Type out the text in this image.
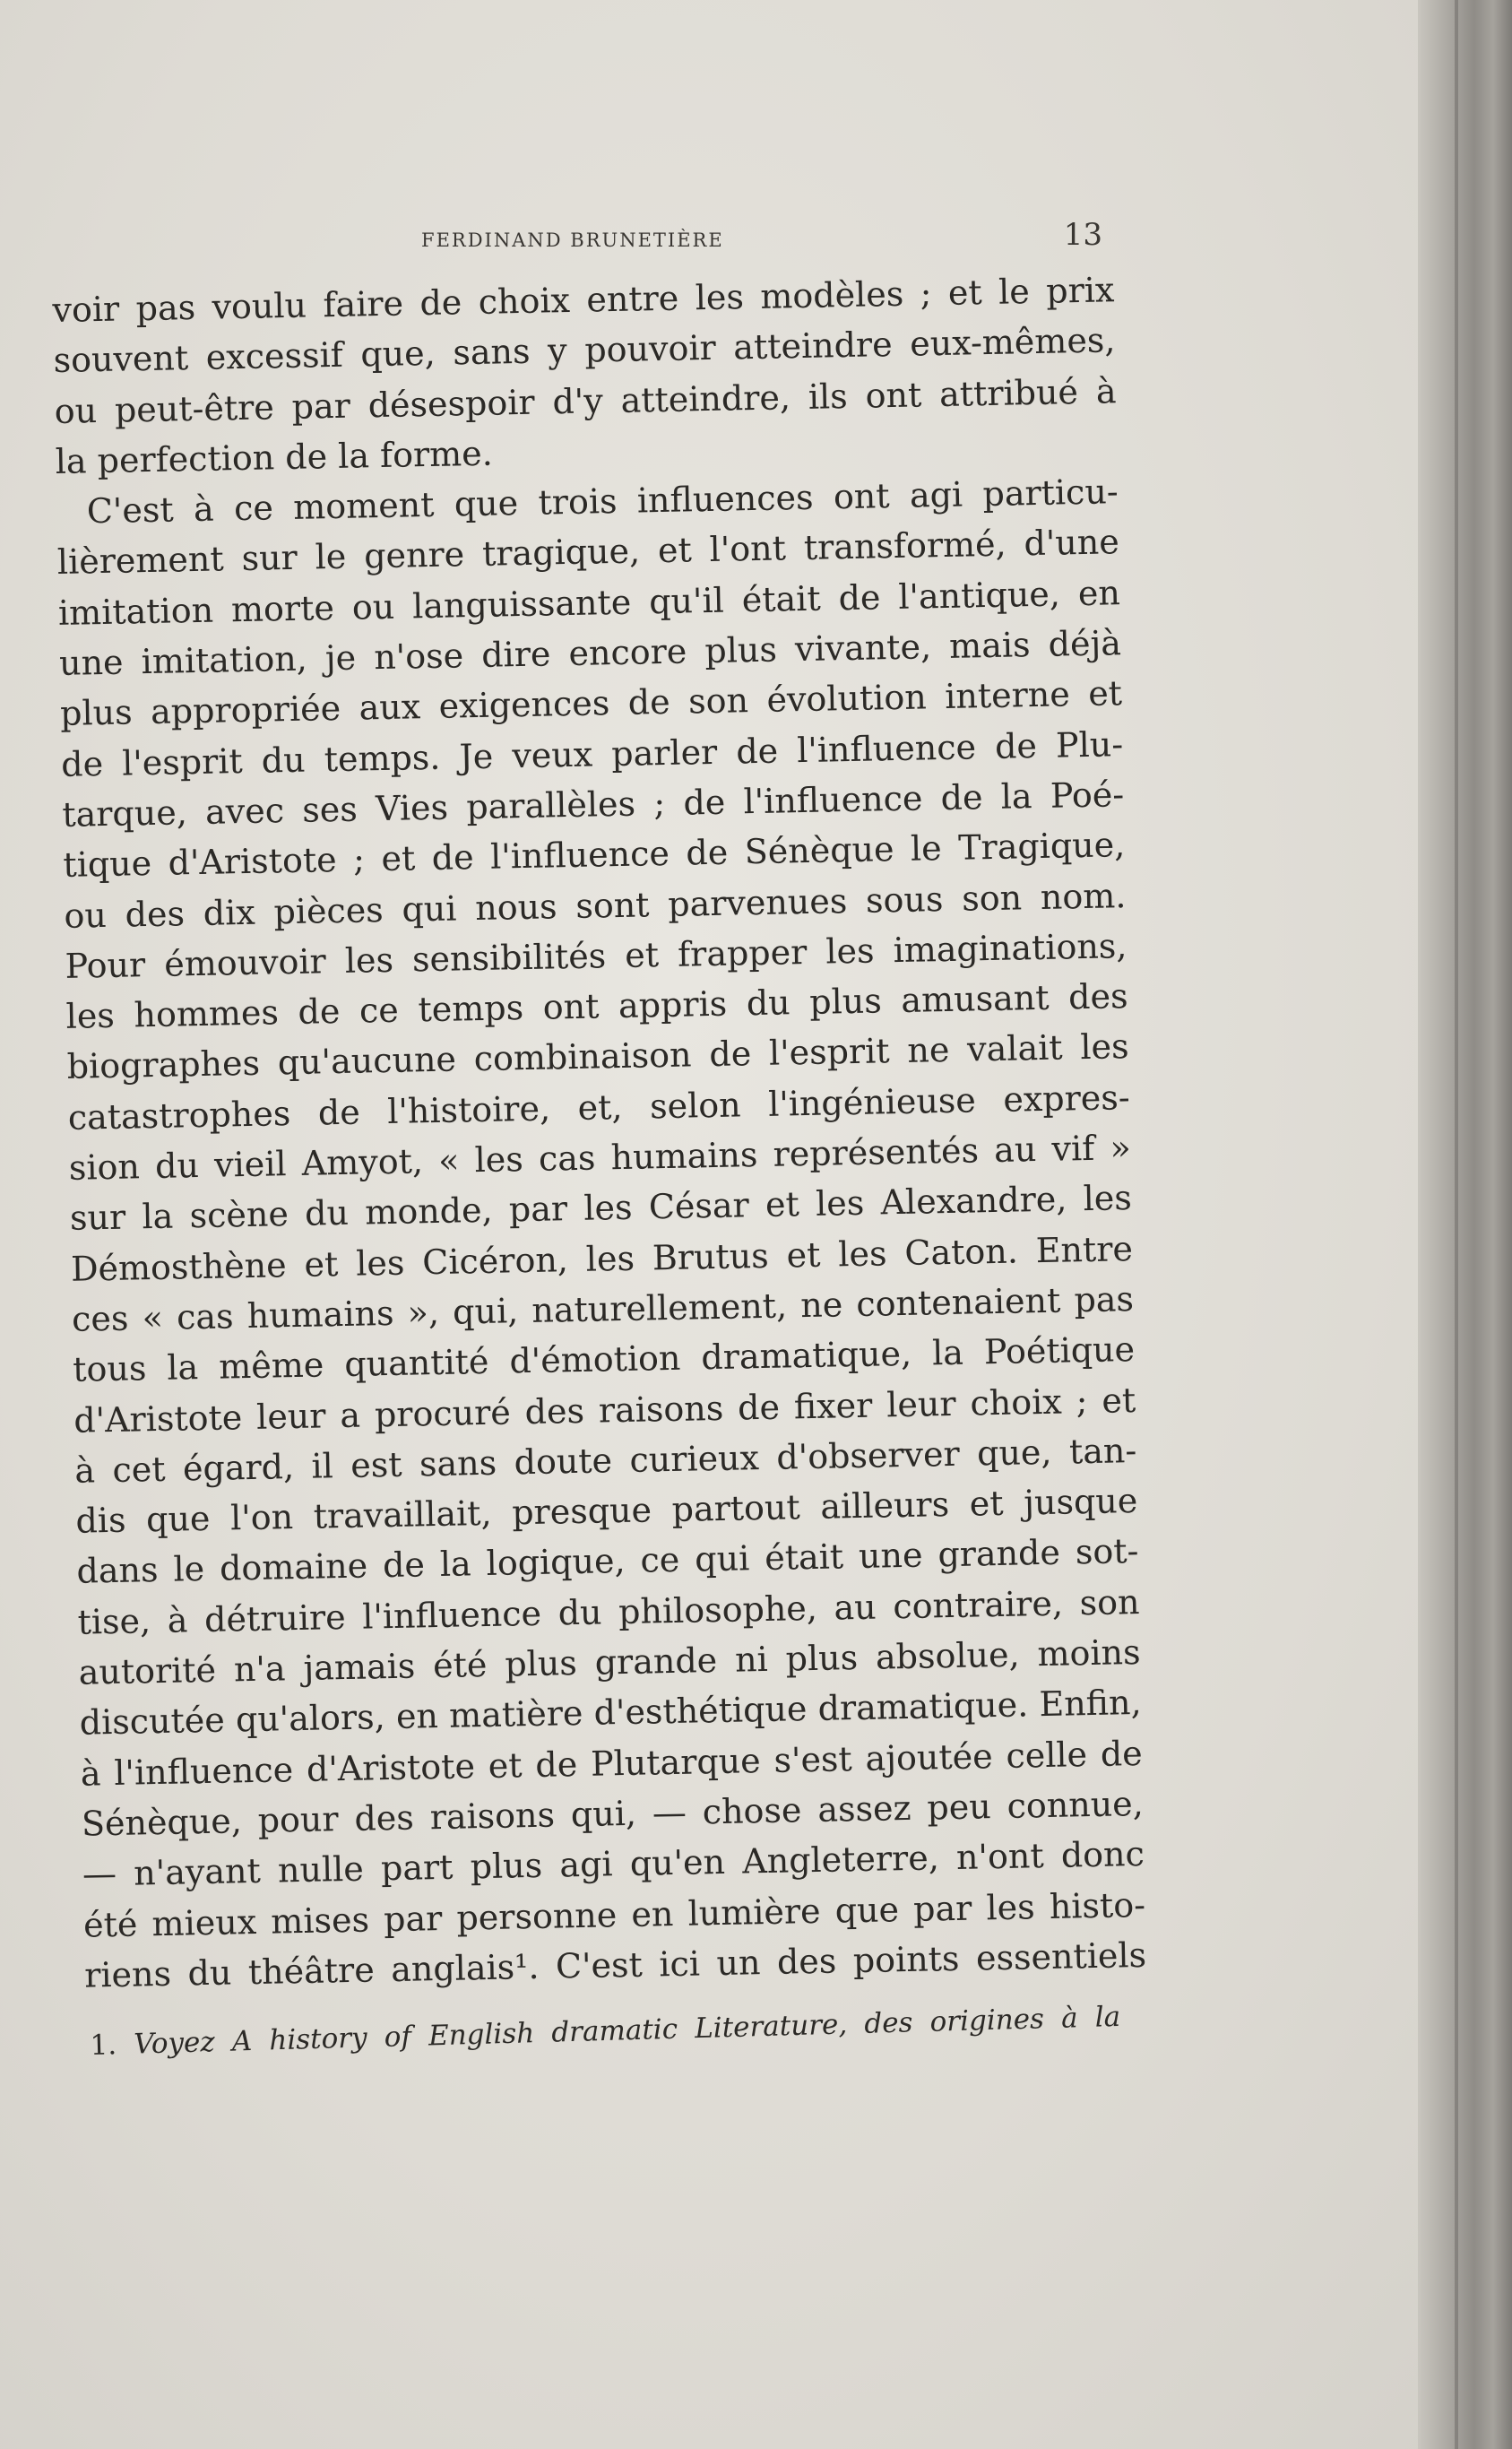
FERDINAND BRUNETIÈRE	13
voir pas voulu faire de choix entre les modèles ; et le prix
souvent excessif que, sans y pouvoir atteindre eux-mêmes,
ou peut-être par désespoir d'y atteindre, ils ont attribué à
la perfection de la forme.
C'est à ce moment que trois influences ont agi particu-
lièrement sur le genre tragique, et l'ont transformé, d'une
imitation morte ou languissante qu'il était de l'antique, en
une imitation, je n'ose dire encore plus vivante, mais déjà
plus appropriée aux exigences de son évolution interne et
de l'esprit du temps. Je veux parler de l'influence de Plu-
tarque, avec ses Vies parallèles ; de l'influence de la Poé-
tique d'Aristote ; et de l'influence de Sénèque le Tragique,
ou des dix pièces qui nous sont parvenues sous son nom.
Pour émouvoir les sensibilités et frapper les imaginations,
les hommes de ce temps ont appris du plus amusant des
biographes qu'aucune combinaison de l'esprit ne valait les
catastrophes de l'histoire, et, selon l'ingénieuse expres-
sion du vieil Amyot, « les cas humains représentés au vif »
sur la scène du monde, par les César et les Alexandre, les
Démosthène et les Cicéron, les Brutus et les Caton. Entre
ces « cas humains », qui, naturellement, ne contenaient pas
tous la même quantité d'émotion dramatique, la Poétique
d'Aristote leur a procuré des raisons de fixer leur choix ; et
à cet égard, il est sans doute curieux d'observer que, tan-
dis que l'on travaillait, presque partout ailleurs et jusque
dans le domaine de la logique, ce qui était une grande sot-
tise, à détruire l'influence du philosophe, au contraire, son
autorité n'a jamais été plus grande ni plus absolue, moins
discutée qu'alors, en matière d'esthétique dramatique. Enfin,
à l'influence d'Aristote et de Plutarque s'est ajoutée celle de
Sénèque, pour des raisons qui, — chose assez peu connue,
— n'ayant nulle part plus agi qu'en Angleterre, n'ont donc
été mieux mises par personne en lumière que par les histo-
riens du théâtre anglais¹. C'est ici un des points essentiels
1. Voyez A history of English dramatic Literature, des origines à la
